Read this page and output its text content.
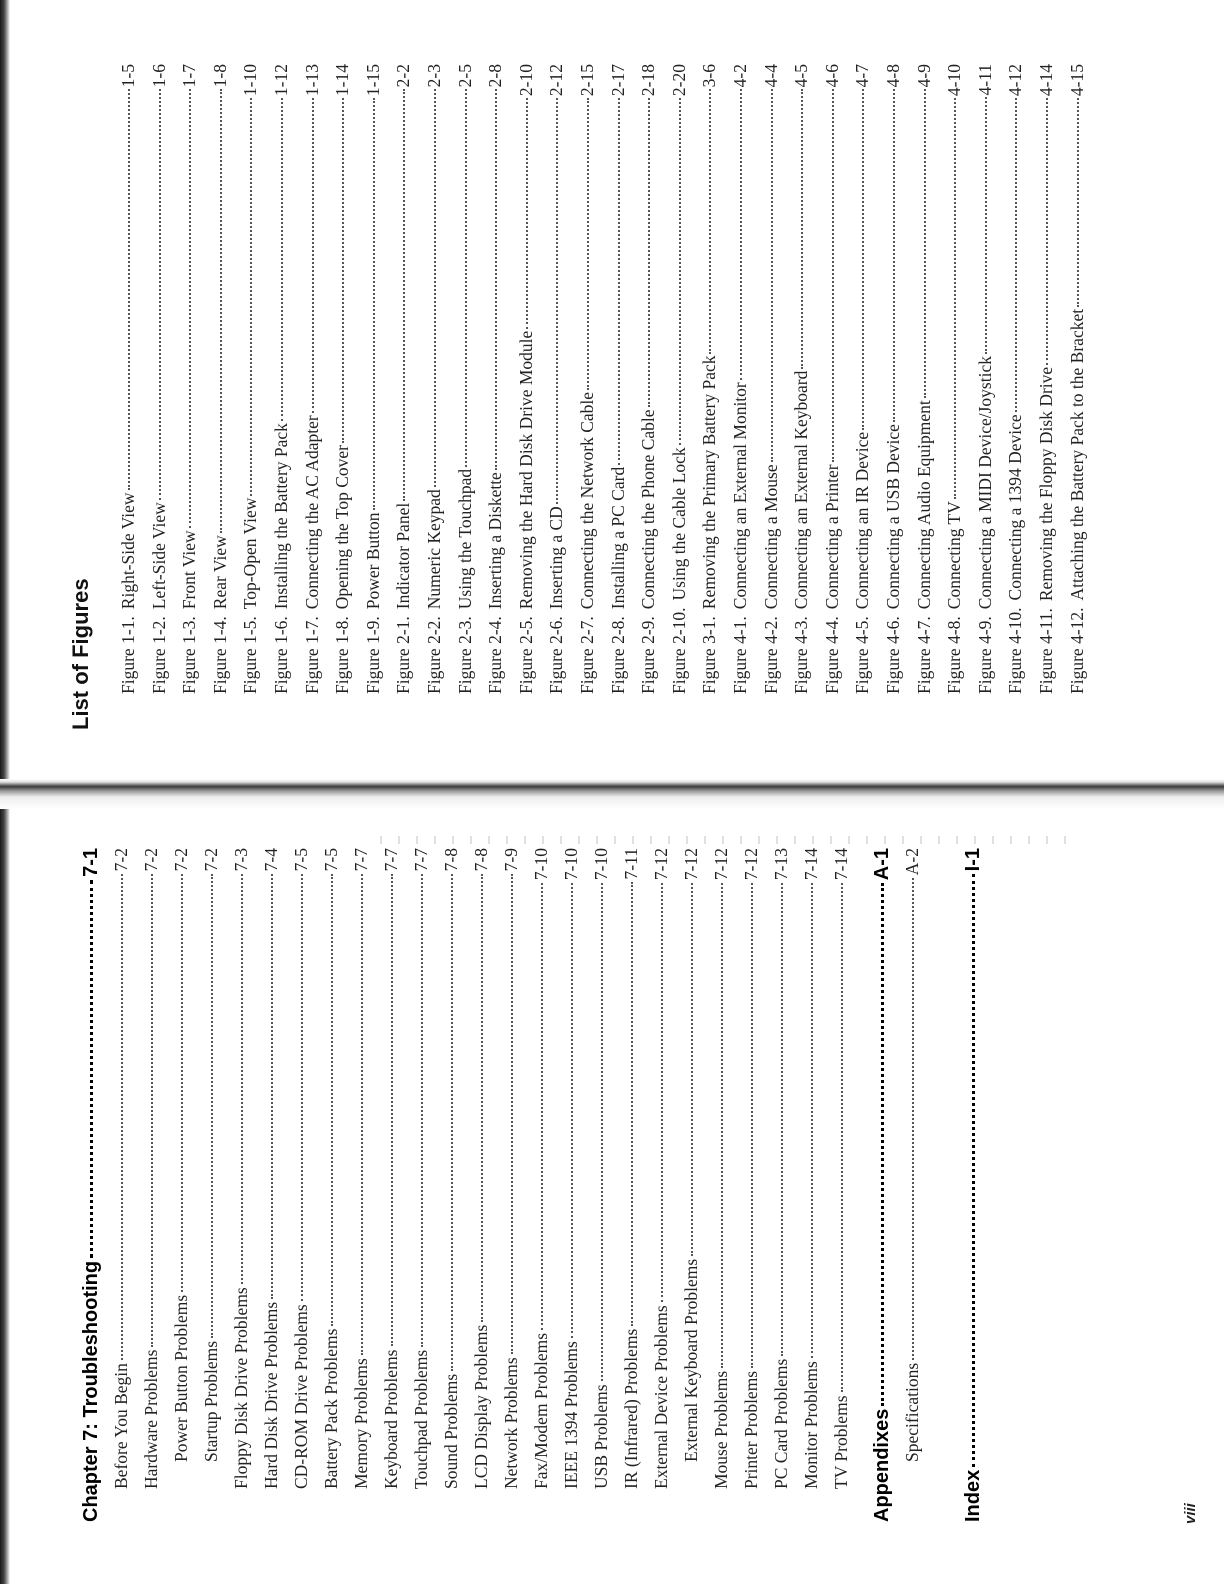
Chapter 7: Troubleshooting
7-1
Before You Begin
7-2
Hardware Problems
7-2
Power Button Problems
7-2
Startup Problems
7-2
Floppy Disk Drive Problems
7-3
Hard Disk Drive Problems
7-4
CD-ROM Drive Problems
7-5
Battery Pack Problems
7-5
Memory Problems
7-7
Keyboard Problems
7-7
Touchpad Problems
7-7
Sound Problems
7-8
LCD Display Problems
7-8
Network Problems
7-9
Fax/Modem Problems
7-10
IEEE 1394 Problems
7-10
USB Problems
7-10
IR (Infrared) Problems
7-11
External Device Problems
7-12
External Keyboard Problems
7-12
Mouse Problems
7-12
Printer Problems
7-12
PC Card Problems
7-13
Monitor Problems
7-14
TV Problems
7-14
Appendixes
A-1
Specifications
A-2
Index
I-1
viii
List of Figures Figure 1-1.
Right-Side View
1-5
Figure 1-2.
Left-Side View
1-6
Figure 1-3.
Front View
1-7
Figure 1-4.
Rear View
1-8
Figure 1-5.
Top-Open View
1-10
Figure 1-6.
Installing the Battery Pack
1-12
Figure 1-7.
Connecting the AC Adapter
1-13
Figure 1-8.
Opening the Top Cover
1-14
Figure 1-9.
Power Button
1-15
Figure 2-1.
Indicator Panel
2-2
Figure 2-2.
Numeric Keypad
2-3
Figure 2-3.
Using the Touchpad
2-5
Figure 2-4.
Inserting a Diskette
2-8
Figure 2-5.
Removing the Hard Disk Drive Module
2-10
Figure 2-6.
Inserting a CD
2-12
Figure 2-7.
Connecting the Network Cable
2-15
Figure 2-8.
Installing a PC Card
2-17
Figure 2-9.
Connecting the Phone Cable
2-18
Figure 2-10.
Using the Cable Lock
2-20
Figure 3-1.
Removing the Primary Battery Pack
3-6
Figure 4-1.
Connecting an External Monitor
4-2
Figure 4-2.
Connecting a Mouse
4-4
Figure 4-3.
Connecting an External Keyboard
4-5
Figure 4-4.
Connecting a Printer
4-6
Figure 4-5.
Connecting an IR Device
4-7
Figure 4-6.
Connecting a USB Device
4-8
Figure 4-7.
Connecting Audio Equipment
4-9
Figure 4-8.
Connecting TV
4-10
Figure 4-9.
Connecting a MIDI Device/Joystick
4-11
Figure 4-10.
Connecting a 1394 Device
4-12
Figure 4-11.
Removing the Floppy Disk Drive
4-14
Figure 4-12.
Attaching the Battery Pack to the Bracket
4-15
